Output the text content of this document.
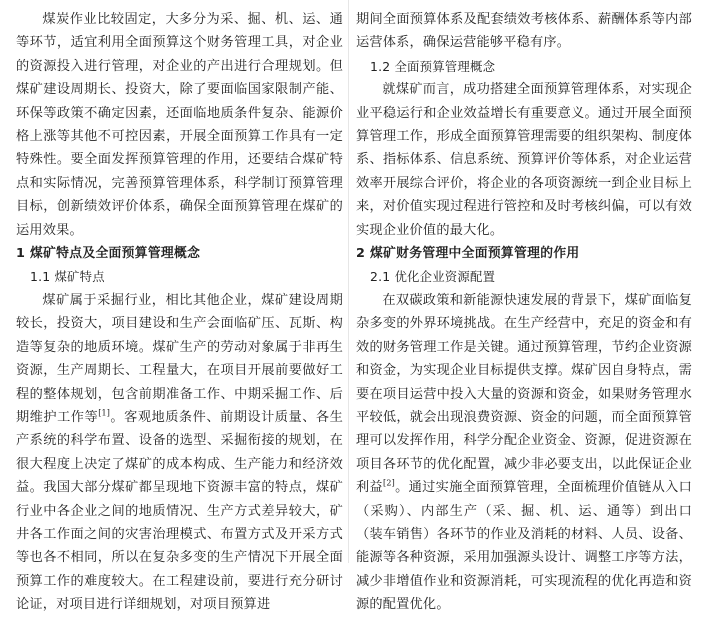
煤炭作业比较固定，大多分为采、掘、机、运、通等环节，适宜利用全面预算这个财务管理工具，对企业的资源投入进行管理，对企业的产出进行合理规划。但煤矿建设周期长、投资大，除了要面临国家限制产能、环保等政策不确定因素，还面临地质条件复杂、能源价格上涨等其他不可控因素，开展全面预算工作具有一定特殊性。要全面发挥预算管理的作用，还要结合煤矿特点和实际情况，完善预算管理体系，科学制订预算管理目标，创新绩效评价体系，确保全面预算管理在煤矿的运用效果。

1 煤矿特点及全面预算管理概念
1.1 煤矿特点

煤矿属于采掘行业，相比其他企业，煤矿建设周期较长，投资大，项目建设和生产会面临矿压、瓦斯、构造等复杂的地质环境。煤矿生产的劳动对象属于非再生资源，生产周期长、工程量大，在项目开展前要做好工程的整体规划，包含前期准备工作、中期采掘工作、后期维护工作等[1]。客观地质条件、前期设计质量、各生产系统的科学布置、设备的选型、采掘衔接的规划，在很大程度上决定了煤矿的成本构成、生产能力和经济效益。我国大部分煤矿都呈现地下资源丰富的特点，煤矿行业中各企业之间的地质情况、生产方式差异较大，矿井各工作面之间的灾害治理模式、布置方式及开采方式等也各不相同，所以在复杂多变的生产情况下开展全面预算工作的难度较大。在工程建设前，要进行充分研讨论证，对项目进行详细规划，对项目预算进

期间全面预算体系及配套绩效考核体系、薪酬体系等内部运营体系，确保运营能够平稳有序。

1.2 全面预算管理概念

就煤矿而言，成功搭建全面预算管理体系，对实现企业平稳运行和企业效益增长有重要意义。通过开展全面预算管理工作，形成全面预算管理需要的组织架构、制度体系、指标体系、信息系统、预算评价等体系，对企业运营效率开展综合评价，将企业的各项资源统一到企业目标上来，对价值实现过程进行管控和及时考核纠偏，可以有效实现企业价值的最大化。

2 煤矿财务管理中全面预算管理的作用
2.1 优化企业资源配置

在双碳政策和新能源快速发展的背景下，煤矿面临复杂多变的外界环境挑战。在生产经营中，充足的资金和有效的财务管理工作是关键。通过预算管理，节约企业资源和资金，为实现企业目标提供支撑。煤矿因自身特点，需要在项目运营中投入大量的资源和资金，如果财务管理水平较低，就会出现浪费资源、资金的问题，而全面预算管理可以发挥作用，科学分配企业资金、资源，促进资源在项目各环节的优化配置，减少非必要支出，以此保证企业利益[2]。通过实施全面预算管理，全面梳理价值链从入口（采购）、内部生产（采、掘、机、运、通等）到出口（装车销售）各环节的作业及消耗的材料、人员、设备、能源等各种资源，采用加强源头设计、调整工序等方法，减少非增值作业和资源消耗，可实现流程的优化再造和资源的配置优化。
